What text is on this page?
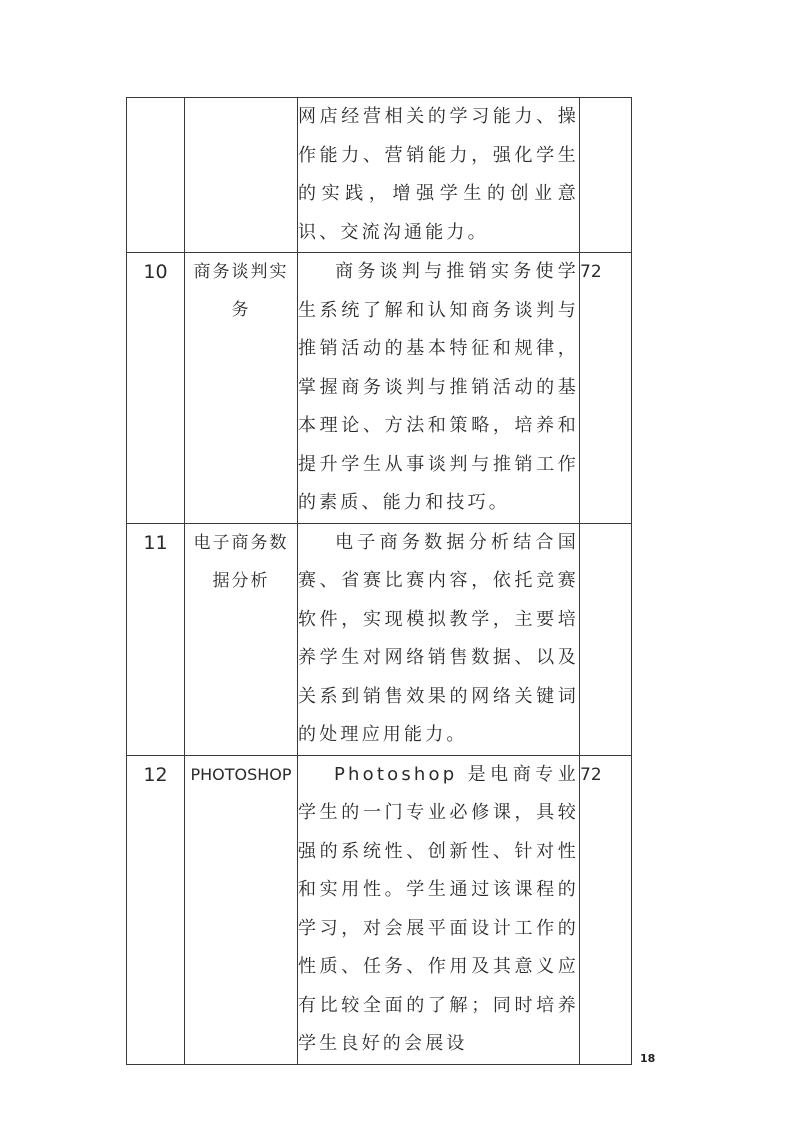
		网店经营相关的学习能力、操作能力、营销能力，强化学生的实践，增强学生的创业意识、交流沟通能力。	
10	商务谈判实务	商务谈判与推销实务使学生系统了解和认知商务谈判与推销活动的基本特征和规律，掌握商务谈判与推销活动的基本理论、方法和策略，培养和提升学生从事谈判与推销工作的素质、能力和技巧。	72
11	电子商务数据分析	电子商务数据分析结合国赛、省赛比赛内容，依托竞赛软件，实现模拟教学，主要培养学生对网络销售数据、以及关系到销售效果的网络关键词的处理应用能力。	
12	PHOTOSHOP	Photoshop 是电商专业学生的一门专业必修课，具较强的系统性、创新性、针对性和实用性。学生通过该课程的学习，对会展平面设计工作的性质、任务、作用及其意义应有比较全面的了解；同时培养学生良好的会展设	72
18
